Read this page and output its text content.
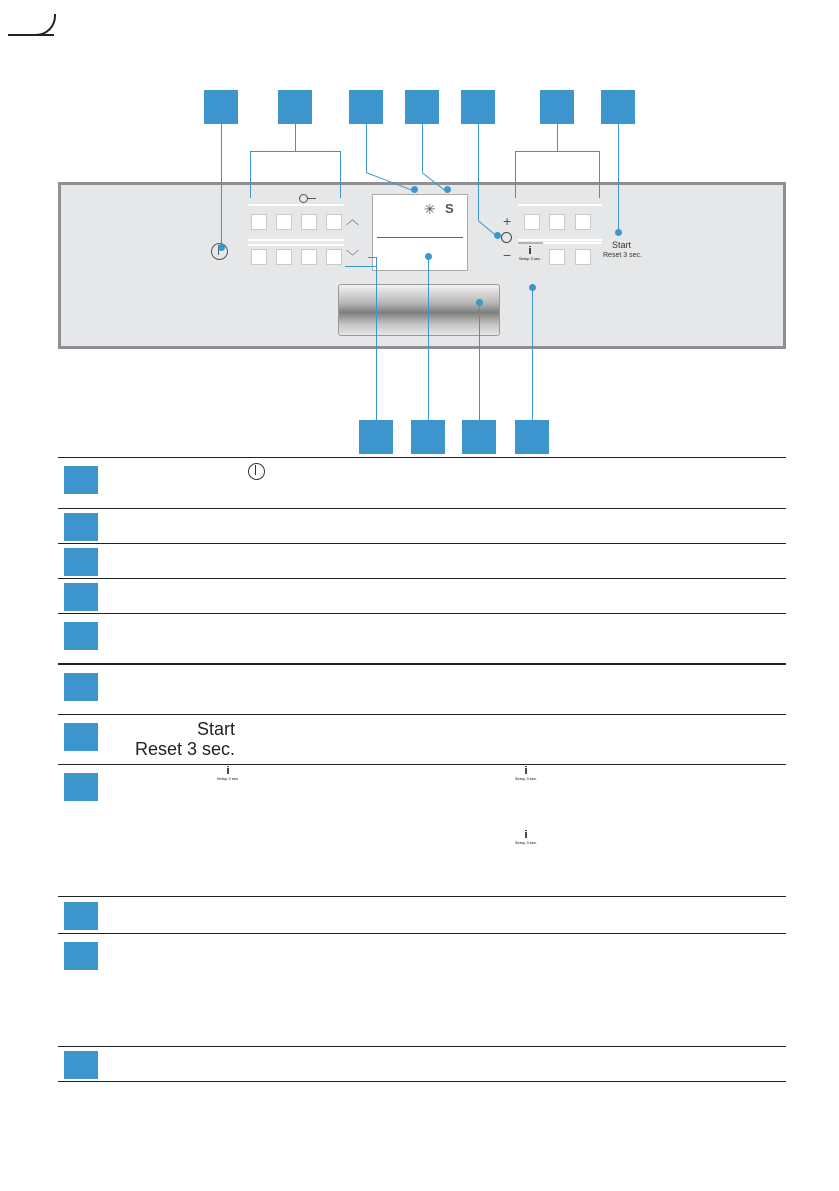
︿
﹀
✳ S
+
−	i
Setup 3 sec.
Start
Reset 3 sec.
Start
Reset 3 sec.
i
Setup 3 sec.
i
Setup 3 sec.
i
Setup 3 sec.
